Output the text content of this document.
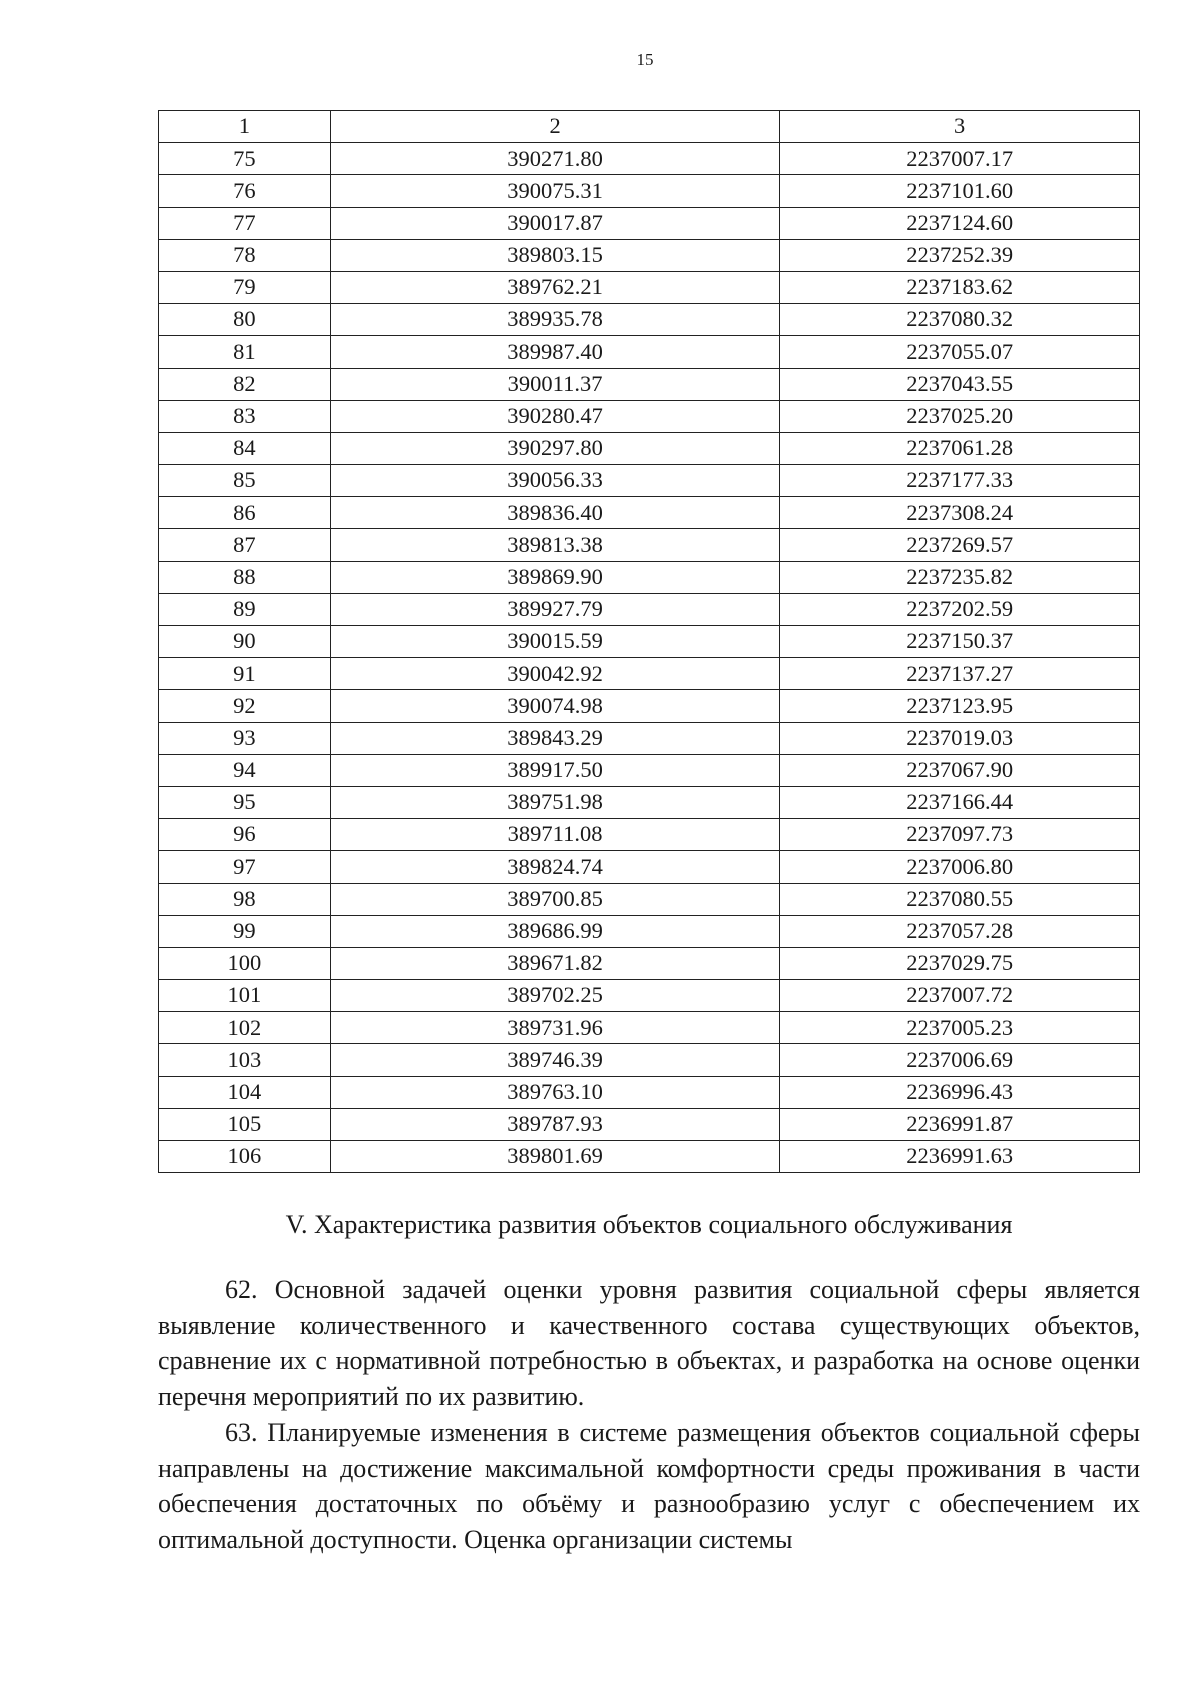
15
1	2	3
75	390271.80	2237007.17
76	390075.31	2237101.60
77	390017.87	2237124.60
78	389803.15	2237252.39
79	389762.21	2237183.62
80	389935.78	2237080.32
81	389987.40	2237055.07
82	390011.37	2237043.55
83	390280.47	2237025.20
84	390297.80	2237061.28
85	390056.33	2237177.33
86	389836.40	2237308.24
87	389813.38	2237269.57
88	389869.90	2237235.82
89	389927.79	2237202.59
90	390015.59	2237150.37
91	390042.92	2237137.27
92	390074.98	2237123.95
93	389843.29	2237019.03
94	389917.50	2237067.90
95	389751.98	2237166.44
96	389711.08	2237097.73
97	389824.74	2237006.80
98	389700.85	2237080.55
99	389686.99	2237057.28
100	389671.82	2237029.75
101	389702.25	2237007.72
102	389731.96	2237005.23
103	389746.39	2237006.69
104	389763.10	2236996.43
105	389787.93	2236991.87
106	389801.69	2236991.63
V. Характеристика развития объектов социального обслуживания

62. Основной задачей оценки уровня развития социальной сферы является выявление количественного и качественного состава существующих объектов, сравнение их с нормативной потребностью в объектах, и разработка на основе оценки перечня мероприятий по их развитию.

63. Планируемые изменения в системе размещения объектов социальной сферы направлены на достижение максимальной комфортности среды проживания в части обеспечения достаточных по объёму и разнообразию услуг с обеспечением их оптимальной доступности. Оценка организации системы
